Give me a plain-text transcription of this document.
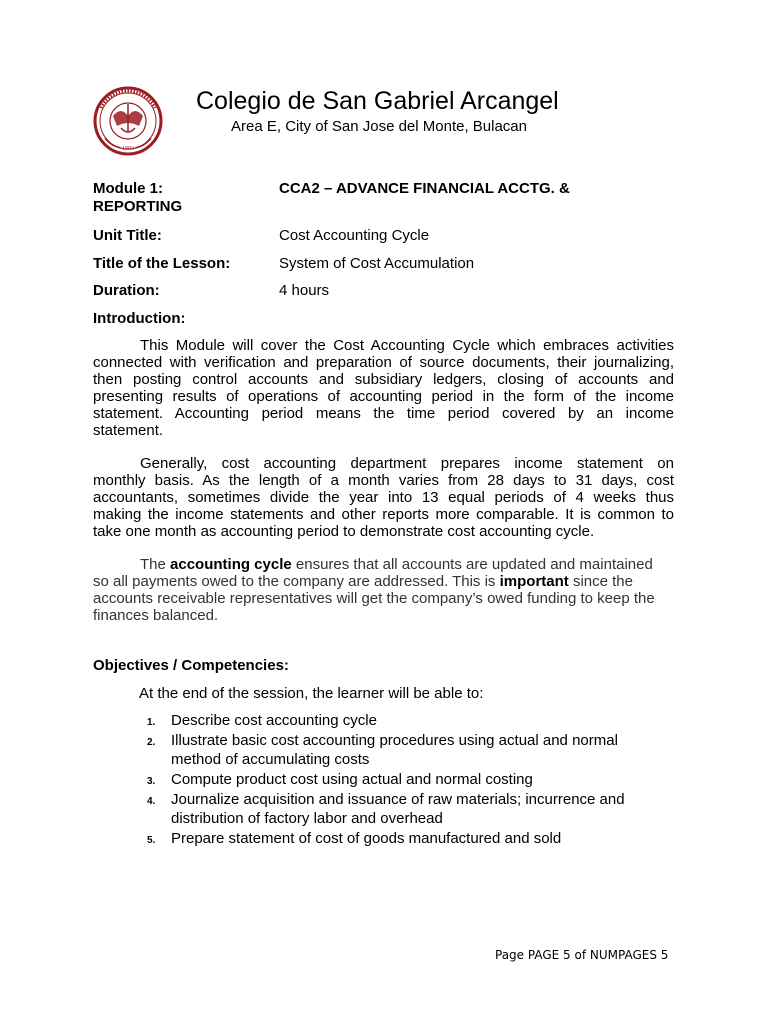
1993
Colegio de San Gabriel Arcangel
Area E, City of San Jose del Monte, Bulacan
Module 1:	CCA2 – ADVANCE FINANCIAL ACCTG. &
REPORTING
Unit Title:	Cost Accounting Cycle
Title of the Lesson:	System of Cost Accumulation
Duration:	4 hours
Introduction:
This Module will cover the Cost Accounting Cycle which embraces activities
connected with verification and preparation of source documents, their journalizing,
then posting control accounts and subsidiary ledgers, closing of accounts and
presenting results of operations of accounting period in the form of the income
statement. Accounting period means the time period covered by an income
statement.
Generally, cost accounting department prepares income statement on
monthly basis. As the length of a month varies from 28 days to 31 days, cost
accountants, sometimes divide the year into 13 equal periods of 4 weeks thus
making the income statements and other reports more comparable. It is common to
take one month as accounting period to demonstrate cost accounting cycle.
The accounting cycle ensures that all accounts are updated and maintained
so all payments owed to the company are addressed. This is important since the
accounts receivable representatives will get the company’s owed funding to keep the
finances balanced.
Objectives / Competencies:
At the end of the session, the learner will be able to:
1. Describe cost accounting cycle
2. Illustrate basic cost accounting procedures using actual and normal
method of accumulating costs
3. Compute product cost using actual and normal costing
4. Journalize acquisition and issuance of raw materials; incurrence and
distribution of factory labor and overhead
5. Prepare statement of cost of goods manufactured and sold
Page PAGE 5 of NUMPAGES 5
